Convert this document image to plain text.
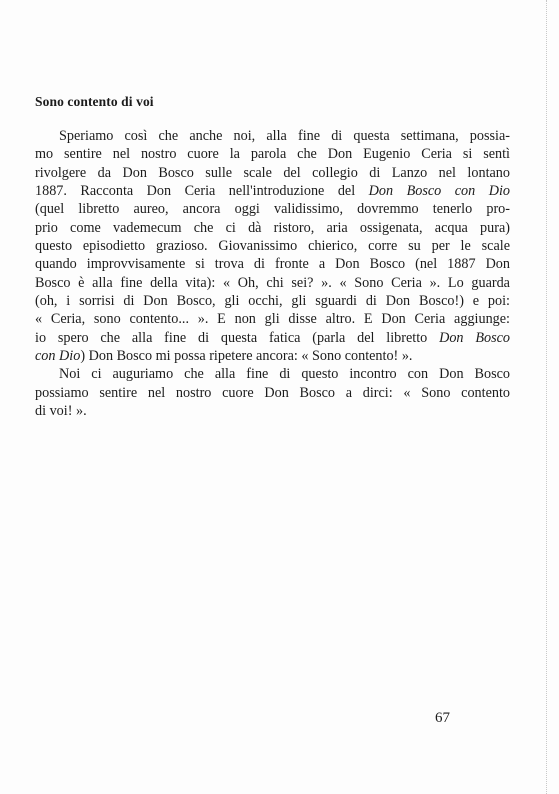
Sono contento di voi
Speriamo così che anche noi, alla fine di questa settimana, possia-
mo sentire nel nostro cuore la parola che Don Eugenio Ceria si sentì
rivolgere da Don Bosco sulle scale del collegio di Lanzo nel lontano
1887. Racconta Don Ceria nell'introduzione del Don Bosco con Dio
(quel libretto aureo, ancora oggi validissimo, dovremmo tenerlo pro-
prio come vademecum che ci dà ristoro, aria ossigenata, acqua pura)
questo episodietto grazioso. Giovanissimo chierico, corre su per le scale
quando improvvisamente si trova di fronte a Don Bosco (nel 1887 Don
Bosco è alla fine della vita): « Oh, chi sei? ». « Sono Ceria ». Lo guarda
(oh, i sorrisi di Don Bosco, gli occhi, gli sguardi di Don Bosco!) e poi:
« Ceria, sono contento... ». E non gli disse altro. E Don Ceria aggiunge:
io spero che alla fine di questa fatica (parla del libretto Don Bosco
con Dio) Don Bosco mi possa ripetere ancora: « Sono contento! ».
Noi ci auguriamo che alla fine di questo incontro con Don Bosco
possiamo sentire nel nostro cuore Don Bosco a dirci: « Sono contento
di voi! ».

67
